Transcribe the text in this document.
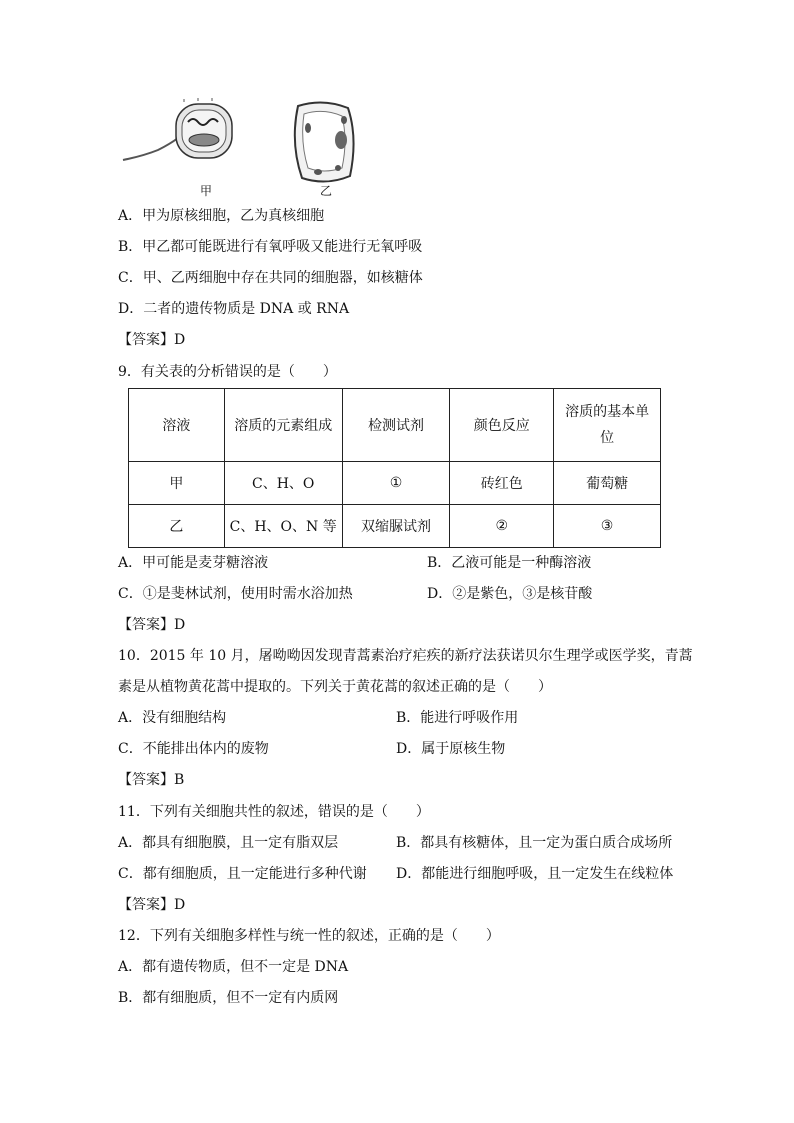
甲	乙
A．甲为原核细胞，乙为真核细胞
B．甲乙都可能既进行有氧呼吸又能进行无氧呼吸
C．甲、乙两细胞中存在共同的细胞器，如核糖体
D．二者的遗传物质是 DNA 或 RNA
【答案】D
9．有关表的分析错误的是（　　）
溶液	溶质的元素组成	检测试剂	颜色反应	溶质的基本单位
甲	C、H、O	①	砖红色	葡萄糖
乙	C、H、O、N 等	双缩脲试剂	②	③
A．甲可能是麦芽糖溶液	B．乙液可能是一种酶溶液
C．①是斐林试剂，使用时需水浴加热	D．②是紫色，③是核苷酸
【答案】D
10．2015 年 10 月，屠呦呦因发现青蒿素治疗疟疾的新疗法获诺贝尔生理学或医学奖，青蒿
素是从植物黄花蒿中提取的。下列关于黄花蒿的叙述正确的是（　　）
A．没有细胞结构	B．能进行呼吸作用
C．不能排出体内的废物	D．属于原核生物
【答案】B
11．下列有关细胞共性的叙述，错误的是（　　）
A．都具有细胞膜，且一定有脂双层	B．都具有核糖体，且一定为蛋白质合成场所
C．都有细胞质，且一定能进行多种代谢 D．都能进行细胞呼吸，且一定发生在线粒体
【答案】D
12．下列有关细胞多样性与统一性的叙述，正确的是（　　）
A．都有遗传物质，但不一定是 DNA
B．都有细胞质，但不一定有内质网
